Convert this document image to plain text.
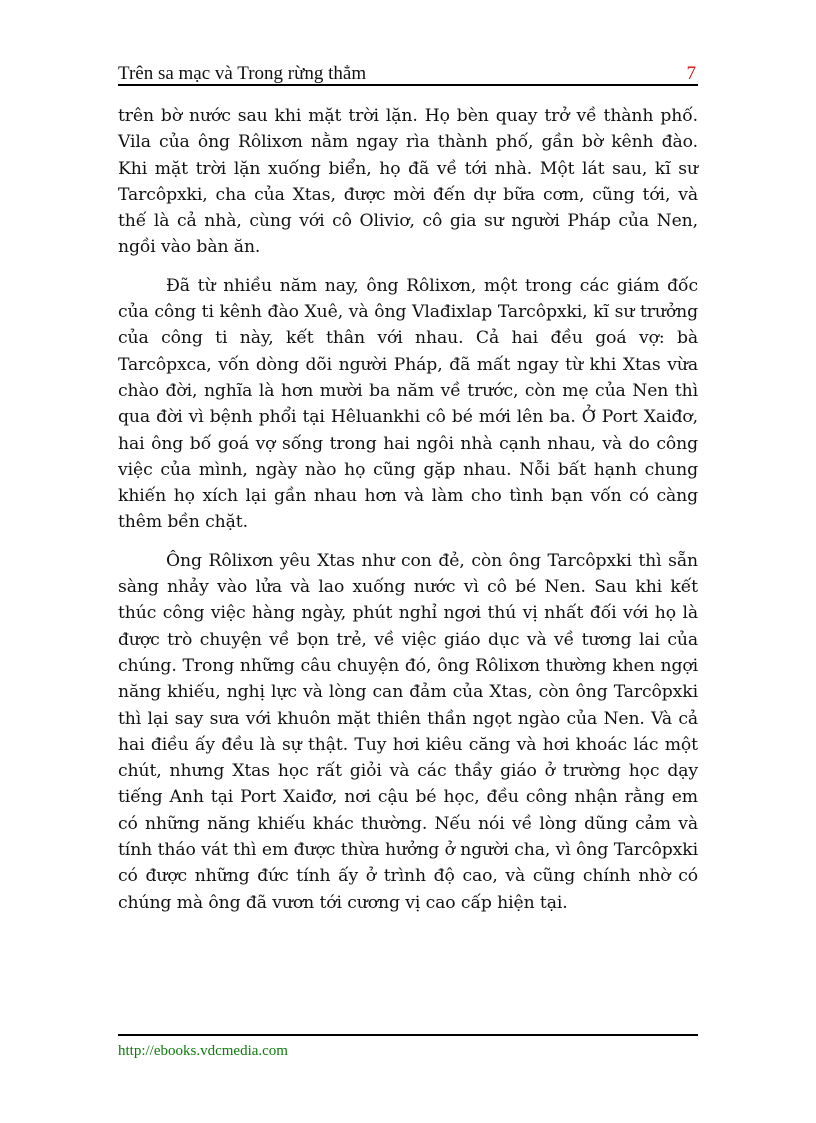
Trên sa mạc và Trong rừng thẳm	7

trên bờ nước sau khi mặt trời lặn. Họ bèn quay trở về thành phố. Vila của ông Rôlixơn nằm ngay rìa thành phố, gần bờ kênh đào. Khi mặt trời lặn xuống biển, họ đã về tới nhà. Một lát sau, kĩ sư Tarcôpxki, cha của Xtas, được mời đến dự bữa cơm, cũng tới, và thế là cả nhà, cùng với cô Oliviơ, cô gia sư người Pháp của Nen, ngồi vào bàn ăn.

Đã từ nhiều năm nay, ông Rôlixơn, một trong các giám đốc của công ti kênh đào Xuê, và ông Vlađixlap Tarcôpxki, kĩ sư trưởng của công ti này, kết thân với nhau. Cả hai đều goá vợ: bà Tarcôpxca, vốn dòng dõi người Pháp, đã mất ngay từ khi Xtas vừa chào đời, nghĩa là hơn mười ba năm về trước, còn mẹ của Nen thì qua đời vì bệnh phổi tại Hêluankhi cô bé mới lên ba. Ở Port Xaiđơ, hai ông bố goá vợ sống trong hai ngôi nhà cạnh nhau, và do công việc của mình, ngày nào họ cũng gặp nhau. Nỗi bất hạnh chung khiến họ xích lại gần nhau hơn và làm cho tình bạn vốn có càng thêm bền chặt.

Ông Rôlixơn yêu Xtas như con đẻ, còn ông Tarcôpxki thì sẵn sàng nhảy vào lửa và lao xuống nước vì cô bé Nen. Sau khi kết thúc công việc hàng ngày, phút nghỉ ngơi thú vị nhất đối với họ là được trò chuyện về bọn trẻ, về việc giáo dục và về tương lai của chúng. Trong những câu chuyện đó, ông Rôlixơn thường khen ngợi năng khiếu, nghị lực và lòng can đảm của Xtas, còn ông Tarcôpxki thì lại say sưa với khuôn mặt thiên thần ngọt ngào của Nen. Và cả hai điều ấy đều là sự thật. Tuy hơi kiêu căng và hơi khoác lác một chút, nhưng Xtas học rất giỏi và các thầy giáo ở trường học dạy tiếng Anh tại Port Xaiđơ, nơi cậu bé học, đều công nhận rằng em có những năng khiếu khác thường. Nếu nói về lòng dũng cảm và tính tháo vát thì em được thừa hưởng ở người cha, vì ông Tarcôpxki có được những đức tính ấy ở trình độ cao, và cũng chính nhờ có chúng mà ông đã vươn tới cương vị cao cấp hiện tại.

http://ebooks.vdcmedia.com
